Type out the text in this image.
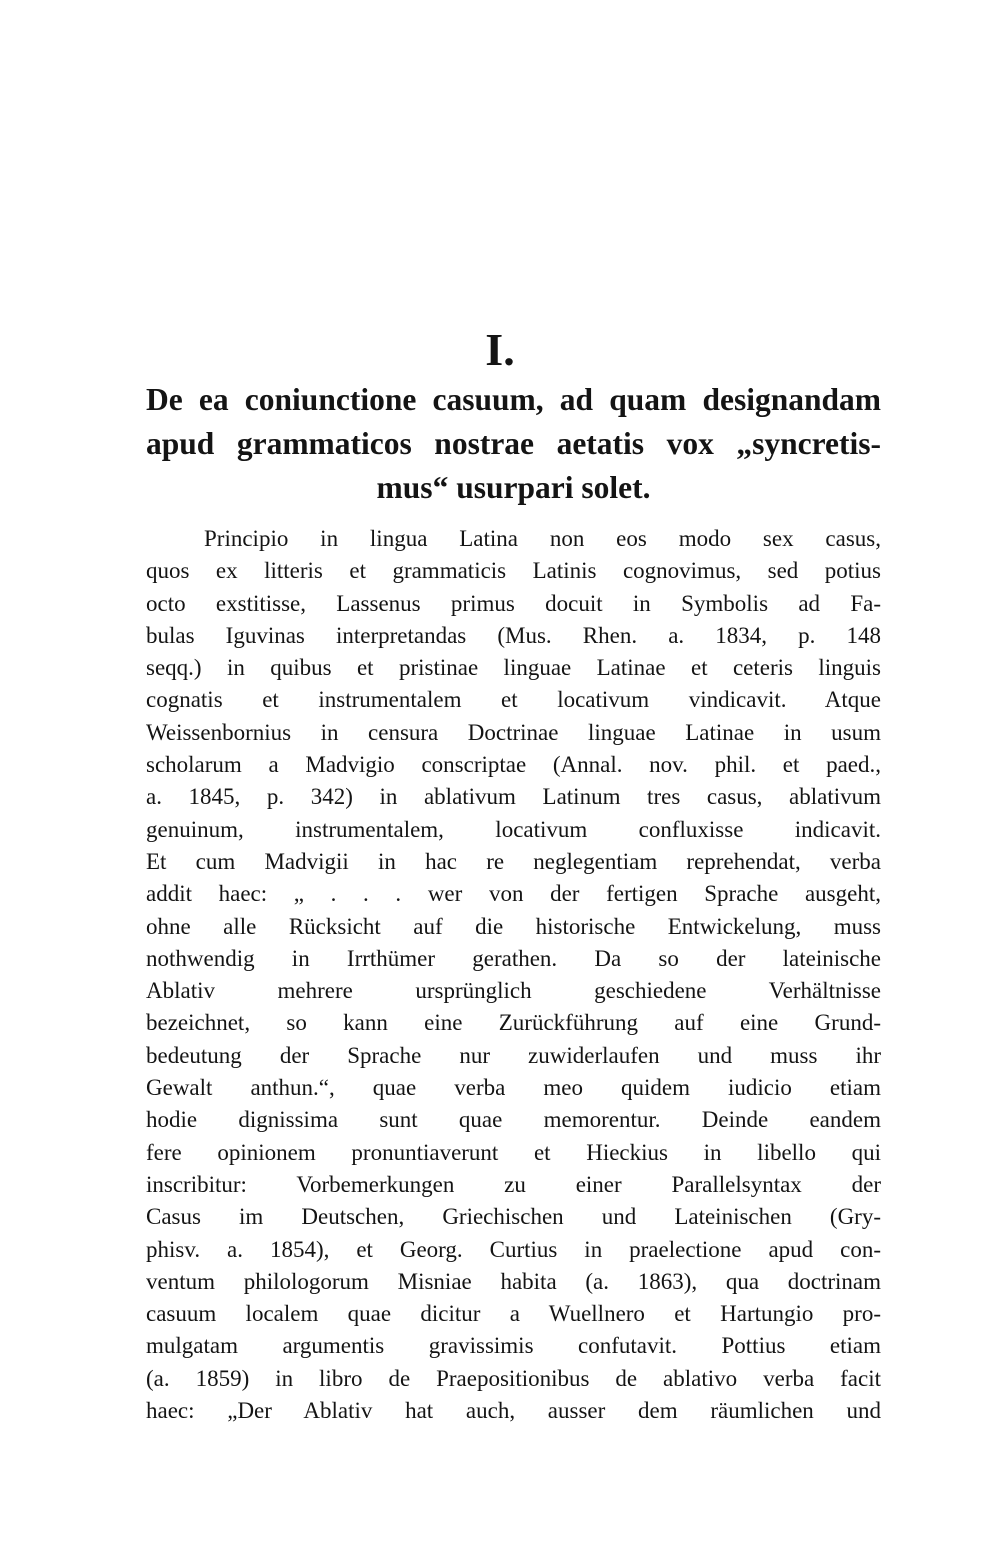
I.
De ea coniunctione casuum, ad quam designandam
apud grammaticos nostrae aetatis vox „syncretis-
mus“ usurpari solet.
Principio in lingua Latina non eos modo sex casus,
quos ex litteris et grammaticis Latinis cognovimus, sed potius
octo exstitisse, Lassenus primus docuit in Symbolis ad Fa-
bulas Iguvinas interpretandas (Mus. Rhen. a. 1834, p. 148
seqq.) in quibus et pristinae linguae Latinae et ceteris linguis
cognatis et instrumentalem et locativum vindicavit. Atque
Weissenbornius in censura Doctrinae linguae Latinae in usum
scholarum a Madvigio conscriptae (Annal. nov. phil. et paed.,
a. 1845, p. 342) in ablativum Latinum tres casus, ablativum
genuinum, instrumentalem, locativum confluxisse indicavit.
Et cum Madvigii in hac re neglegentiam reprehendat, verba
addit haec: „ . . . wer von der fertigen Sprache ausgeht,
ohne alle Rücksicht auf die historische Entwickelung, muss
nothwendig in Irrthümer gerathen. Da so der lateinische
Ablativ mehrere ursprünglich geschiedene Verhältnisse
bezeichnet, so kann eine Zurückführung auf eine Grund-
bedeutung der Sprache nur zuwiderlaufen und muss ihr
Gewalt anthun.“, quae verba meo quidem iudicio etiam
hodie dignissima sunt quae memorentur. Deinde eandem
fere opinionem pronuntiaverunt et Hieckius in libello qui
inscribitur: Vorbemerkungen zu einer Parallelsyntax der
Casus im Deutschen, Griechischen und Lateinischen (Gry-
phisv. a. 1854), et Georg. Curtius in praelectione apud con-
ventum philologorum Misniae habita (a. 1863), qua doctrinam
casuum localem quae dicitur a Wuellnero et Hartungio pro-
mulgatam argumentis gravissimis confutavit. Pottius etiam
(a. 1859) in libro de Praepositionibus de ablativo verba facit
haec: „Der Ablativ hat auch, ausser dem räumlichen und
